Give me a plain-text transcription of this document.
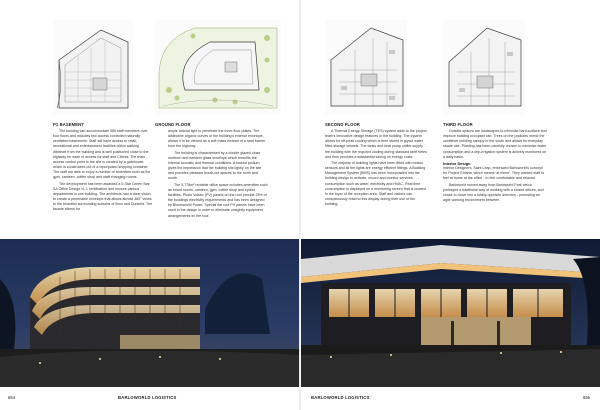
P1 BASEMENT	GROUND FLOOR

The building can accommodate 385 staff members over four floors and includes two access controlled naturally ventilated basements. Staff will have access to retail, recreational and entertainment facilities within walking distance from the building and is well positioned close to the highway for ease of access for staff and Clients. The main access control point to the site is created by a gatehouse which is constructed out of a repurposed shipping container. The staff are able to enjoy a number of amenities such as the gym, canteen, coffee shop and staff changing rooms.

The development has been awarded a 5-Star Green Star SA Office Design v1.1 certification and houses various departments in one building. The architects had a clear vision to create a permeable envelope that allows almost 360° views to the beautiful surrounding suburbs of Ilovo and Dunkeld. The facade allows for

ample natural light to penetrate the inner floor plates. The distinctive organic curves of the building's exterior envelope, allows it to be viewed as a soft mass instead of a hard barrier from the highway.

The building is characterised by a double glazed close northern and western glass envelope which benefits the internal acoustic and thermal conditions. A tussed podium gives the impression that the building sits lightly on the site and provides pleasant break-out spaces to the north and south.

The 5,778m² rentable office space includes amenities such as board rooms, canteen, gym, coffee shop and cyclist facilities. Photo Voltaic (PV) panels on the roof provide 25% of the buildings electricity requirements and has been designed by Bloomworld Power. Special flat roof PV panels have been used in the design in order to eliminate unsightly equipment arrangements on the roof.

654	BARLOWORLD LOGISTICS
SECOND FLOOR	THIRD FLOOR

A Thermal Energy Storage (TES) system adds to the project team's innovative design features in the building. The system allows for off-peak cooling which is then stored in glycol water filled storage vessels. The tanks and heat pump chiller supply the building with the required cooling during standard tariff times and thus provides a substantial saving on energy costs.

The majority of building lights have been fitted with motion sensors and all the lights are energy efficient fittings. A Building Management System (BMS) has been incorporated into the building design to activate, record and monitor services consumption such as water, electricity and HVAC. Real time consumption is displayed on a monitoring screen that is located in the foyer of the reception area. Staff and visitors can conspicuously react to this display during their use of the building.

Outside spaces are landscaped to minimise hard-surface and improve building occupant use. Trees on the podiums mimic the cantilever building canopy to the south and allows for everyday shade use. Planting has been carefully chosen to minimise water consumption and a drip-irrigation system is actively monitored on a daily basis.

Interior Design

Interior Designers, Saint Leap, embraced Barloworld's concept for Project Ehlana, which means 'at home'. They wanted staff to feel at home at the office - to feel comfortable and relaxed.

Barloworld moved away from Barloworld Park which portrayed a traditional way of working with a closed offices, and chose to move into a totally opposite direction - promoting an agile working environment between

BARLOWORLD LOGISTICS	655
